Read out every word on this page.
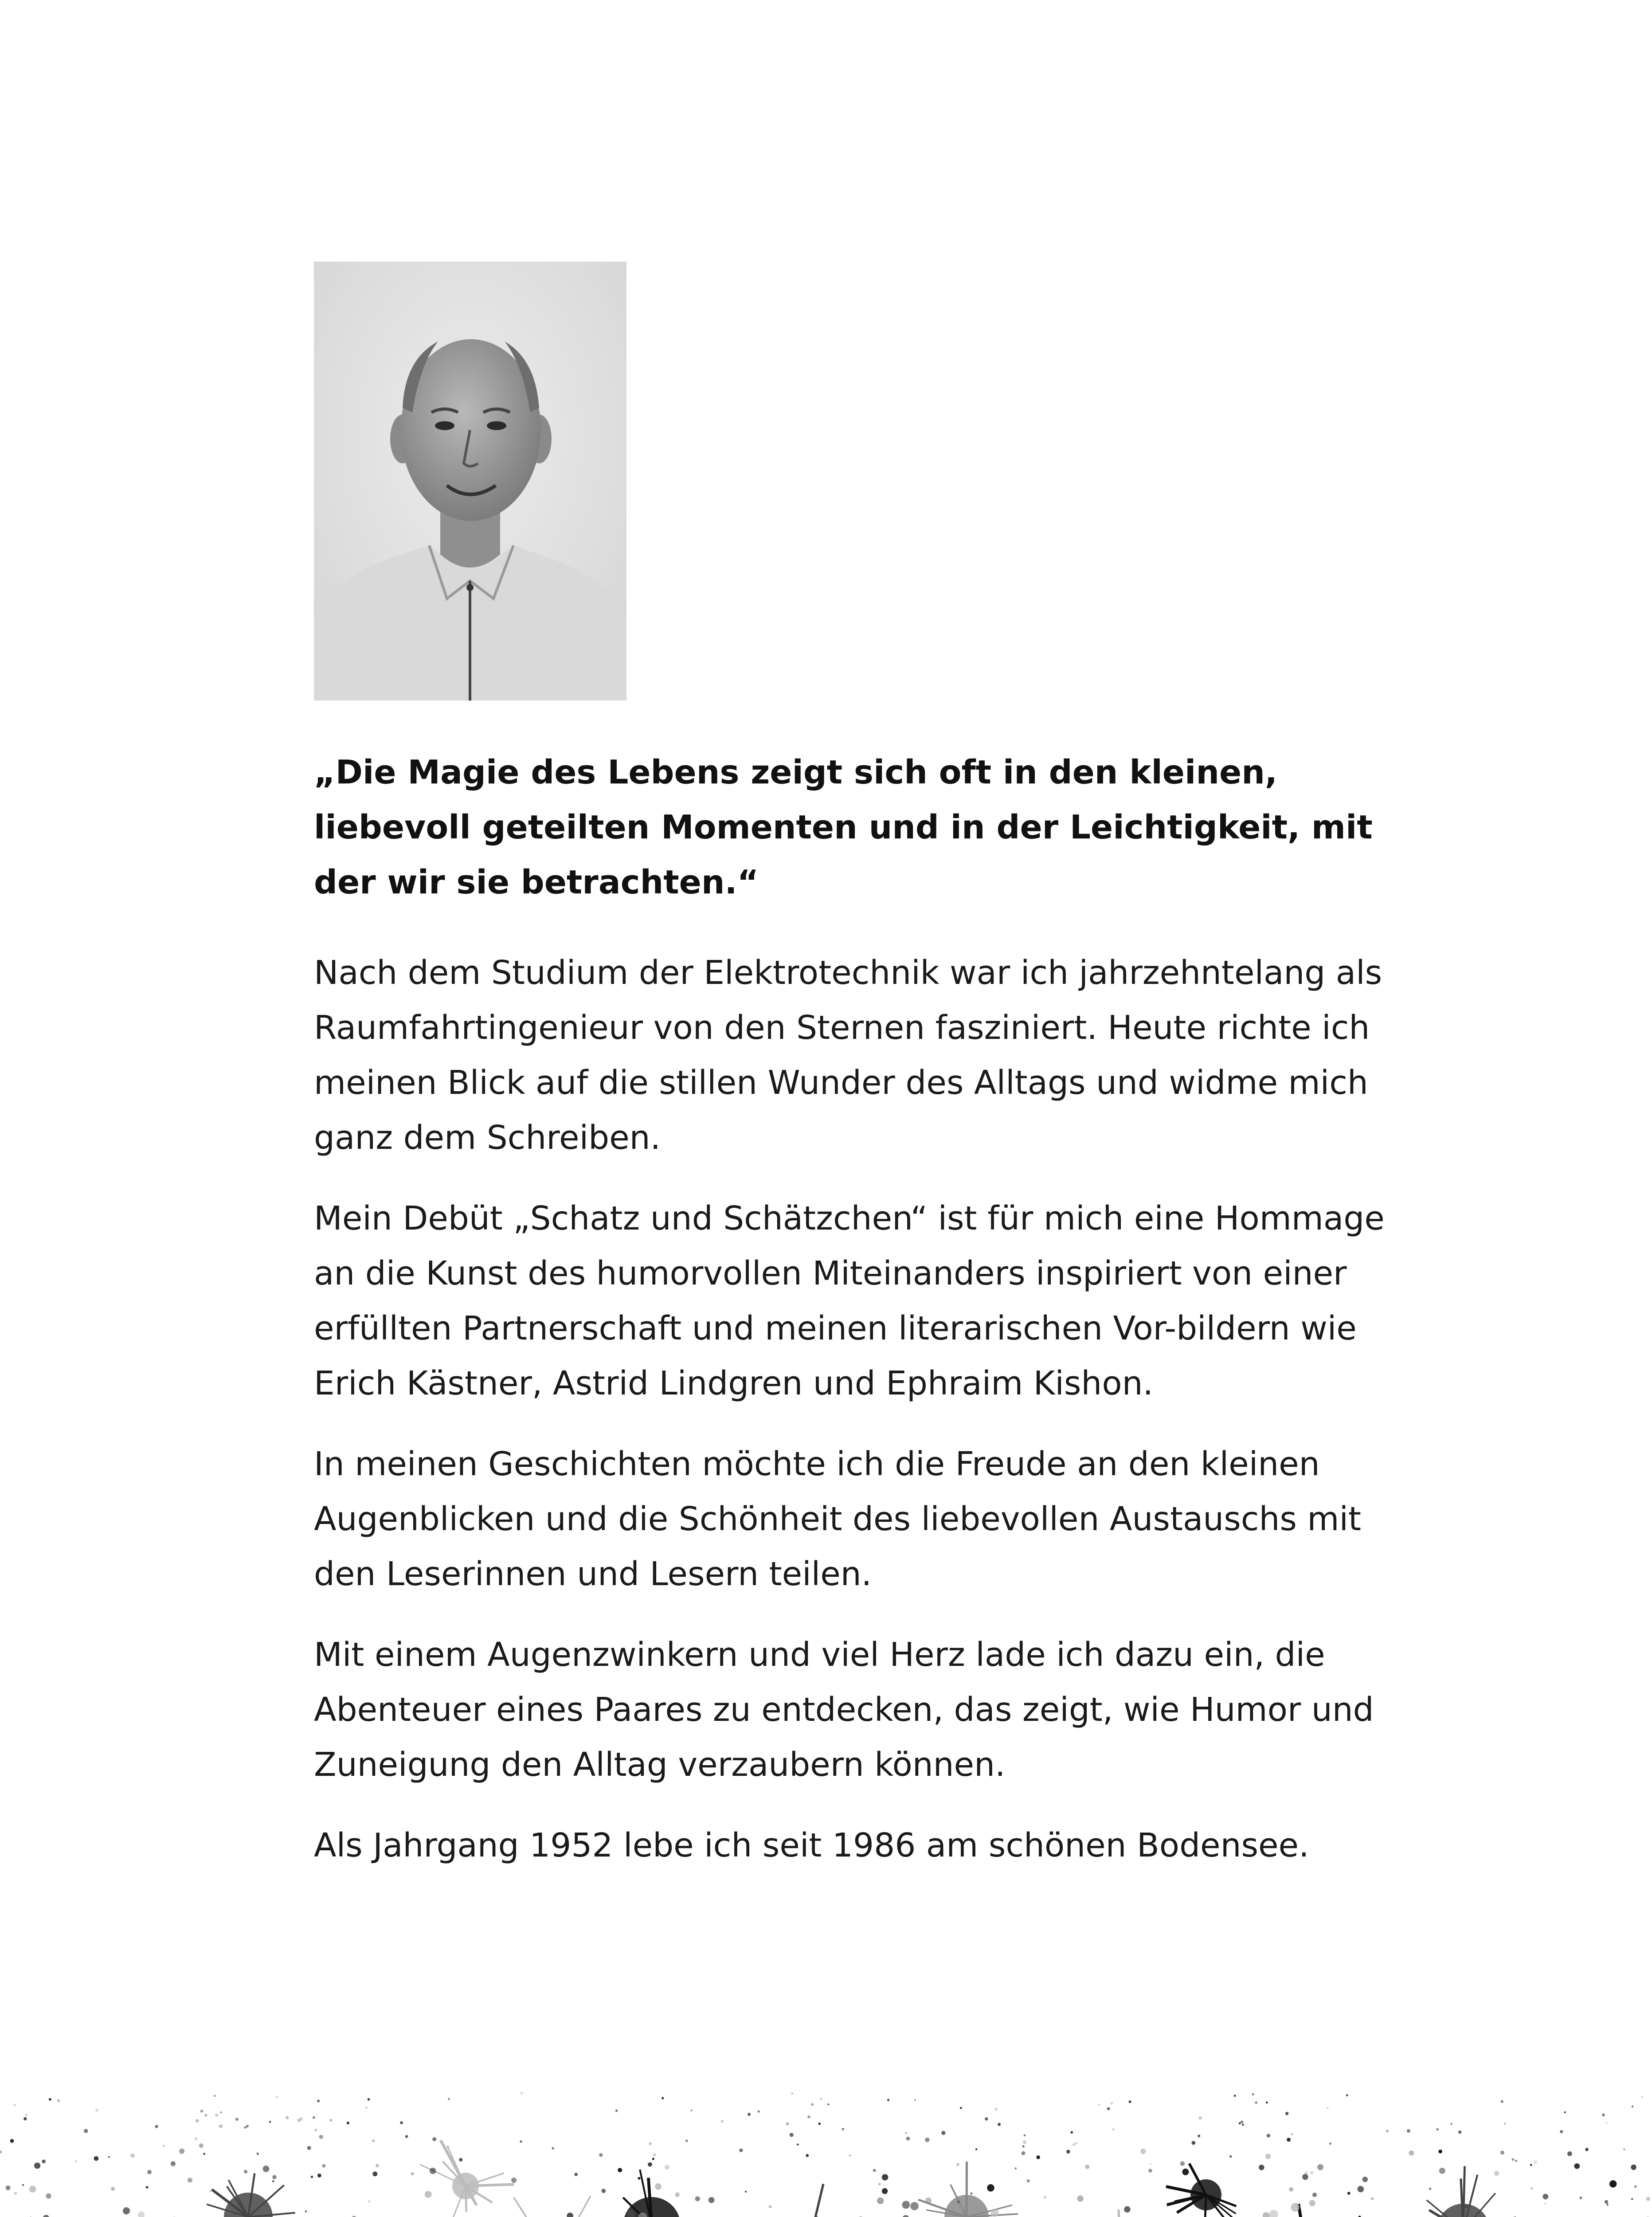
„Die Magie des Lebens zeigt sich oft in den kleinen, liebevoll geteilten Momenten und in der Leichtigkeit, mit der wir sie betrachten.“

Nach dem Studium der Elektrotechnik war ich jahrzehntelang als Raumfahrtingenieur von den Sternen fasziniert. Heute richte ich meinen Blick auf die stillen Wunder des Alltags und widme mich ganz dem Schreiben.

Mein Debüt „Schatz und Schätzchen“ ist für mich eine Hommage an die Kunst des humorvollen Miteinanders inspiriert von einer erfüllten Partnerschaft und meinen literarischen Vor-bildern wie Erich Kästner, Astrid Lindgren und Ephraim Kishon.

In meinen Geschichten möchte ich die Freude an den kleinen Augenblicken und die Schönheit des liebevollen Austauschs mit den Leserinnen und Lesern teilen.

Mit einem Augenzwinkern und viel Herz lade ich dazu ein, die Abenteuer eines Paares zu entdecken, das zeigt, wie Humor und Zuneigung den Alltag verzaubern können.

Als Jahrgang 1952 lebe ich seit 1986 am schönen Bodensee.
